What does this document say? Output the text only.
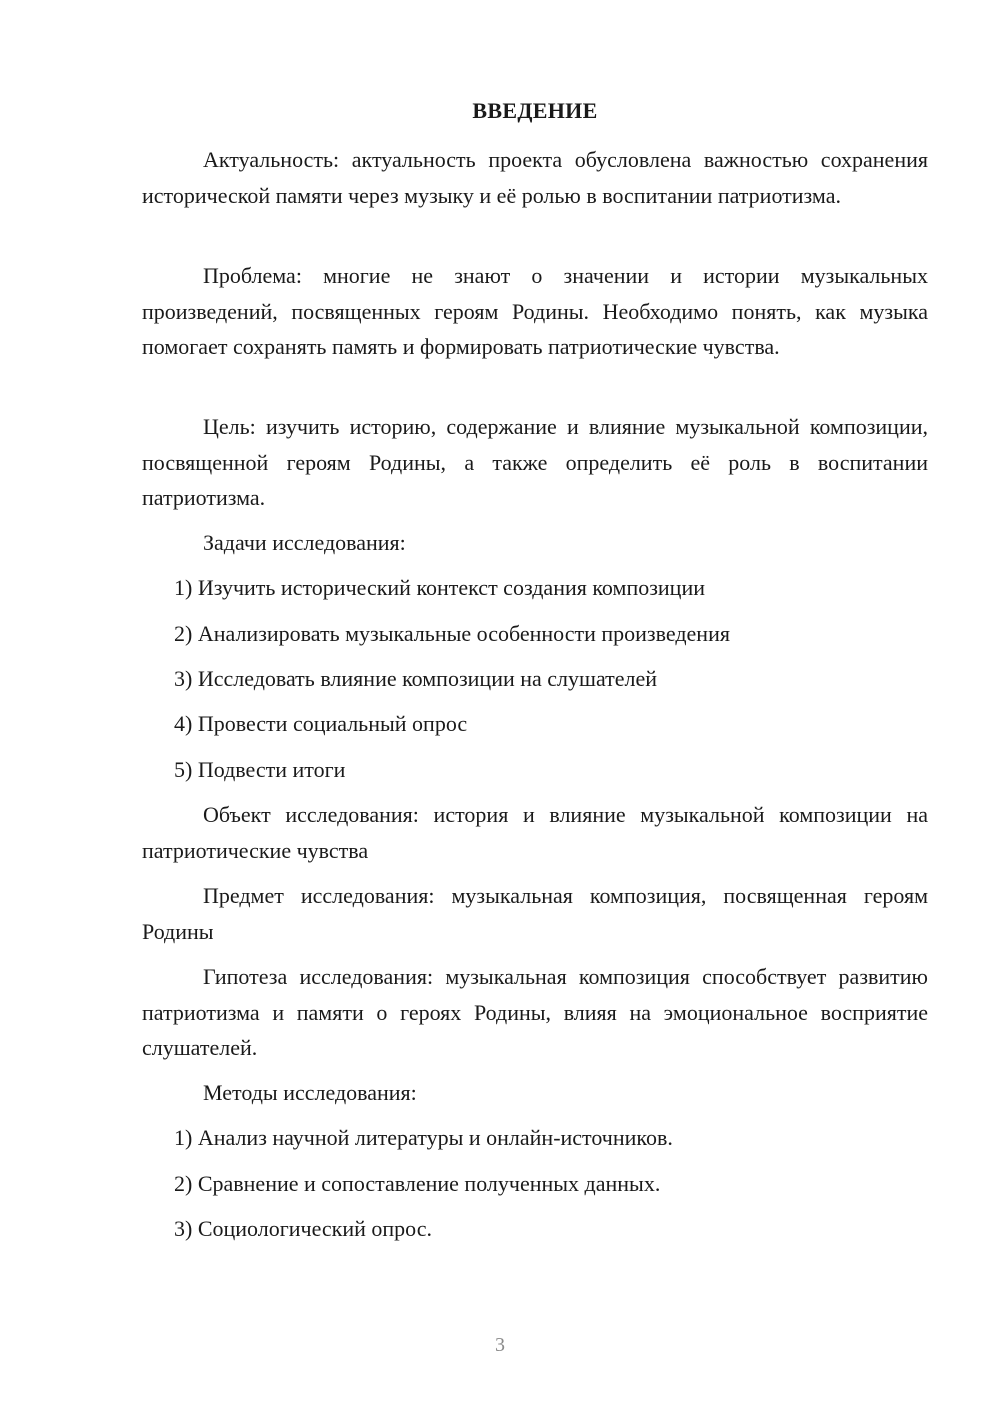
ВВЕДЕНИЕ
Актуальность: актуальность проекта обусловлена важностью сохранения исторической памяти через музыку и её ролью в воспитании патриотизма.
Проблема: многие не знают о значении и истории музыкальных произведений, посвященных героям Родины. Необходимо понять, как музыка помогает сохранять память и формировать патриотические чувства.
Цель: изучить историю, содержание и влияние музыкальной композиции, посвященной героям Родины, а также определить её роль в воспитании патриотизма.
Задачи исследования:
1) Изучить исторический контекст создания композиции
2) Анализировать музыкальные особенности произведения
3) Исследовать влияние композиции на слушателей
4) Провести социальный опрос
5) Подвести итоги
Объект исследования: история и влияние музыкальной композиции на патриотические чувства
Предмет исследования: музыкальная композиция, посвященная героям Родины
Гипотеза исследования: музыкальная композиция способствует развитию патриотизма и памяти о героях Родины, влияя на эмоциональное восприятие слушателей.
Методы исследования:
1) Анализ научной литературы и онлайн-источников.
2) Сравнение и сопоставление полученных данных.
3) Социологический опрос.
3
